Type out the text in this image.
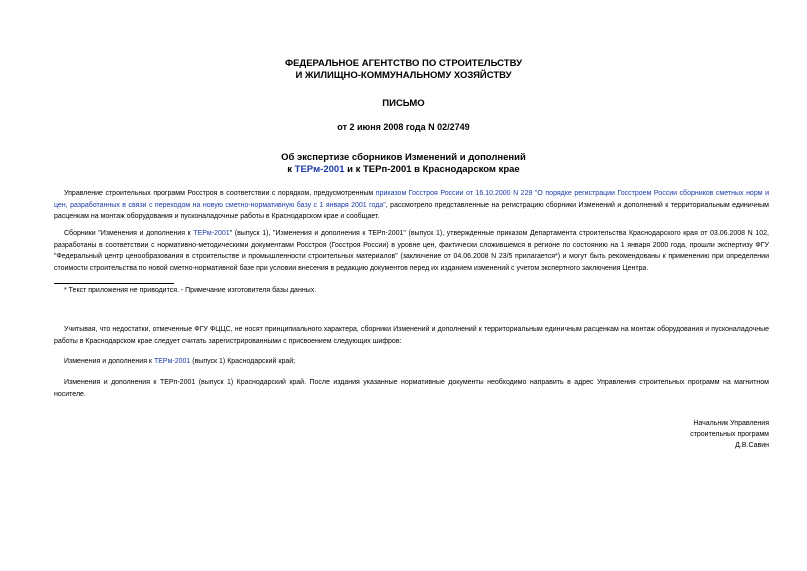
ФЕДЕРАЛЬНОЕ АГЕНТСТВО ПО СТРОИТЕЛЬСТВУ
И ЖИЛИЩНО-КОММУНАЛЬНОМУ ХОЗЯЙСТВУ
ПИСЬМО
от 2 июня 2008 года N 02/2749
Об экспертизе сборников Изменений и дополнений
к ТЕРм-2001 и к ТЕРп-2001 в Краснодарском крае
Управление строительных программ Росстроя в соответствии с порядком, предусмотренным приказом Госстроя России от 16.10.2000 N 229 "О порядке регистрации Госстроем России сборников сметных норм и цен, разработанных в связи с переходом на новую сметно-нормативную базу с 1 января 2001 года", рассмотрело представленные на регистрацию сборники Изменений и дополнений к территориальным единичным расценкам на монтаж оборудования и пусконаладочные работы в Краснодарском крае и сообщает.
Сборники "Изменения и дополнения к ТЕРм-2001" (выпуск 1), "Изменения и дополнения к ТЕРп-2001" (выпуск 1), утвержденные приказом Департамента строительства Краснодарского края от 03.06.2008 N 102, разработаны в соответствии с нормативно-методическими документами Росстроя (Госстроя России) в уровне цен, фактически сложившемся в регионе по состоянию на 1 января 2000 года, прошли экспертизу ФГУ "Федеральный центр ценообразования в строительстве и промышленности строительных материалов" (заключение от 04.06.2008 N 23/5 прилагается*) и могут быть рекомендованы к применению при определении стоимости строительства по новой сметно-нормативной базе при условии внесения в редакцию документов перед их изданием изменений с учетом экспертного заключения Центра.
* Текст приложения не приводится. - Примечание изготовителя базы данных.
Учитывая, что недостатки, отмеченные ФГУ ФЦЦС, не носят принципиального характера, сборники Изменений и дополнений к территориальным единичным расценкам на монтаж оборудования и пусконаладочные работы в Краснодарском крае следует считать зарегистрированными с присвоением следующих шифров:
Изменения и дополнения к ТЕРм-2001 (выпуск 1) Краснодарский край;
Изменения и дополнения к ТЕРп-2001 (выпуск 1) Краснодарский край. После издания указанные нормативные документы необходимо направить в адрес Управления строительных программ на магнитном носителе.
Начальник Управления
строительных программ
Д.В.Савин
